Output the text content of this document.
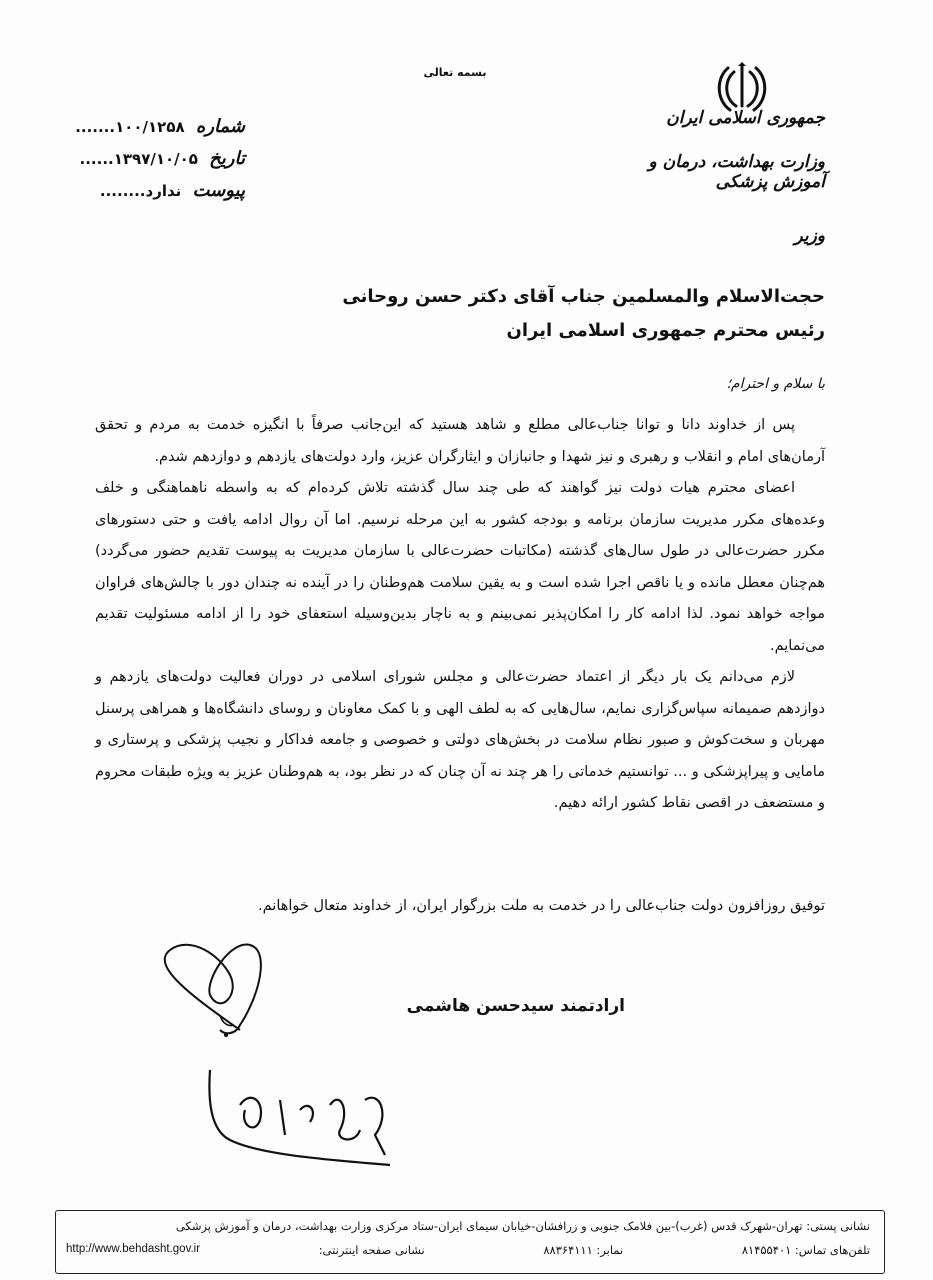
بسمه تعالی
جمهوری اسلامی ایران
وزارت بهداشت، درمان و آموزش پزشکی
وزیر
شماره ۱۰۰/۱۲۵۸.......
تاریخ ۱۳۹۷/۱۰/۰۵......
پیوست ندارد........
حجت‌الاسلام والمسلمین جناب آقای دکتر حسن روحانی
رئیس محترم جمهوری اسلامی ایران
با سلام و احترام؛

پس از خداوند دانا و توانا جناب‌عالی مطلع و شاهد هستید که این‌جانب صرفاً با انگیزه خدمت به مردم و تحقق آرمان‌های امام و انقلاب و رهبری و نیز شهدا و جانبازان و ایثارگران عزیز، وارد دولت‌های یازدهم و دوازدهم شدم.

اعضای محترم هیات دولت نیز گواهند که طی چند سال گذشته تلاش کرده‌ام که به واسطه ناهماهنگی و خلف وعده‌های مکرر مدیریت سازمان برنامه و بودجه کشور به این مرحله نرسیم. اما آن روال ادامه یافت و حتی دستورهای مکرر حضرت‌عالی در طول سال‌های گذشته (مکاتبات حضرت‌عالی با سازمان مدیریت به پیوست تقدیم حضور می‌گردد) هم‌چنان معطل مانده و یا ناقص اجرا شده است و به یقین سلامت هم‌وطنان را در آینده نه چندان دور با چالش‌های فراوان مواجه خواهد نمود. لذا ادامه کار را امکان‌پذیر نمی‌بینم و به ناچار بدین‌وسیله استعفای خود را از ادامه مسئولیت تقدیم می‌نمایم.

لازم می‌دانم یک بار دیگر از اعتماد حضرت‌عالی و مجلس شورای اسلامی در دوران فعالیت دولت‌های یازدهم و دوازدهم صمیمانه سپاس‌گزاری نمایم، سال‌هایی که به لطف الهی و با کمک معاونان و روسای دانشگاه‌ها و همراهی پرسنل مهربان و سخت‌کوش و صبور نظام سلامت در بخش‌های دولتی و خصوصی و جامعه فداکار و نجیب پزشکی و پرستاری و مامایی و پیراپزشکی و ... توانستیم خدماتی را هر چند نه آن چنان که در نظر بود، به هم‌وطنان عزیز به ویژه طبقات محروم و مستضعف در اقصی نقاط کشور ارائه دهیم.

توفیق روزافزون دولت جناب‌عالی را در خدمت به ملت بزرگوار ایران، از خداوند متعال خواهانم.
ارادتمند سیدحسن هاشمی
نشانی پستی: تهران-شهرک قدس (غرب)-بین فلامک جنوبی و زرافشان-خیابان سیمای ایران-ستاد مرکزی وزارت بهداشت، درمان و آموزش پزشکی
تلفن‌های تماس: ۸۱۴۵۵۴۰۱
نمابر: ۸۸۳۶۴۱۱۱
نشانی صفحه اینترنتی:
http://www.behdasht.gov.ir
